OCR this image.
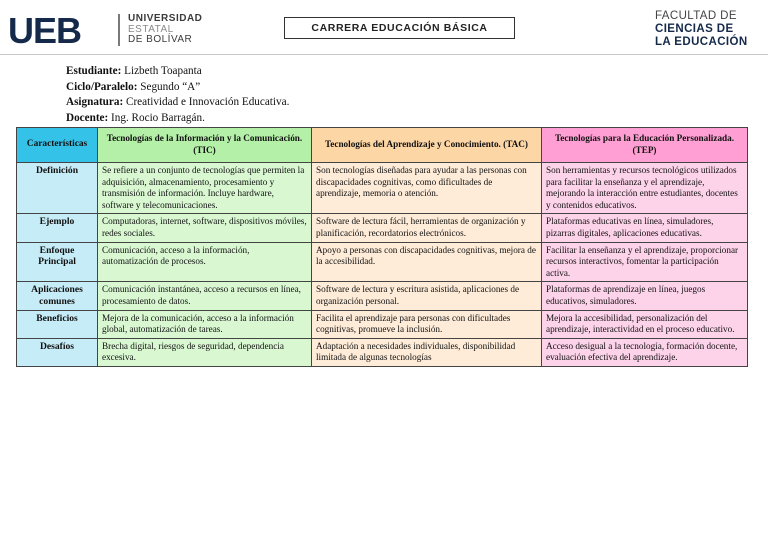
UEB	UNIVERSIDAD
ESTATAL
DE BOLÍVAR
CARRERA EDUCACIÓN BÁSICA
FACULTAD DE
CIENCIAS DE
LA EDUCACIÓN
Estudiante: Lizbeth Toapanta
Ciclo/Paralelo: Segundo “A”
Asignatura: Creatividad e Innovación Educativa.
Docente: Ing. Rocio Barragán.
Características	Tecnologías de la Información y la Comunicación. (TIC)	Tecnologías del Aprendizaje y Conocimiento. (TAC)	Tecnologías para la Educación Personalizada. (TEP)
Definición	Se refiere a un conjunto de tecnologías que permiten la adquisición, almacenamiento, procesamiento y transmisión de información. Incluye hardware, software y telecomunicaciones.	Son tecnologías diseñadas para ayudar a las personas con discapacidades cognitivas, como dificultades de aprendizaje, memoria o atención.	Son herramientas y recursos tecnológicos utilizados para facilitar la enseñanza y el aprendizaje, mejorando la interacción entre estudiantes, docentes y contenidos educativos.
Ejemplo	Computadoras, internet, software, dispositivos móviles, redes sociales.	Software de lectura fácil, herramientas de organización y planificación, recordatorios electrónicos.	Plataformas educativas en línea, simuladores, pizarras digitales, aplicaciones educativas.
Enfoque Principal	Comunicación, acceso a la información, automatización de procesos.	Apoyo a personas con discapacidades cognitivas, mejora de la accesibilidad.	Facilitar la enseñanza y el aprendizaje, proporcionar recursos interactivos, fomentar la participación activa.
Aplicaciones comunes	Comunicación instantánea, acceso a recursos en línea, procesamiento de datos.	Software de lectura y escritura asistida, aplicaciones de organización personal.	Plataformas de aprendizaje en línea, juegos educativos, simuladores.
Beneficios	Mejora de la comunicación, acceso a la información global, automatización de tareas.	Facilita el aprendizaje para personas con dificultades cognitivas, promueve la inclusión.	Mejora la accesibilidad, personalización del aprendizaje, interactividad en el proceso educativo.
Desafíos	Brecha digital, riesgos de seguridad, dependencia excesiva.	Adaptación a necesidades individuales, disponibilidad limitada de algunas tecnologías	Acceso desigual a la tecnología, formación docente, evaluación efectiva del aprendizaje.
